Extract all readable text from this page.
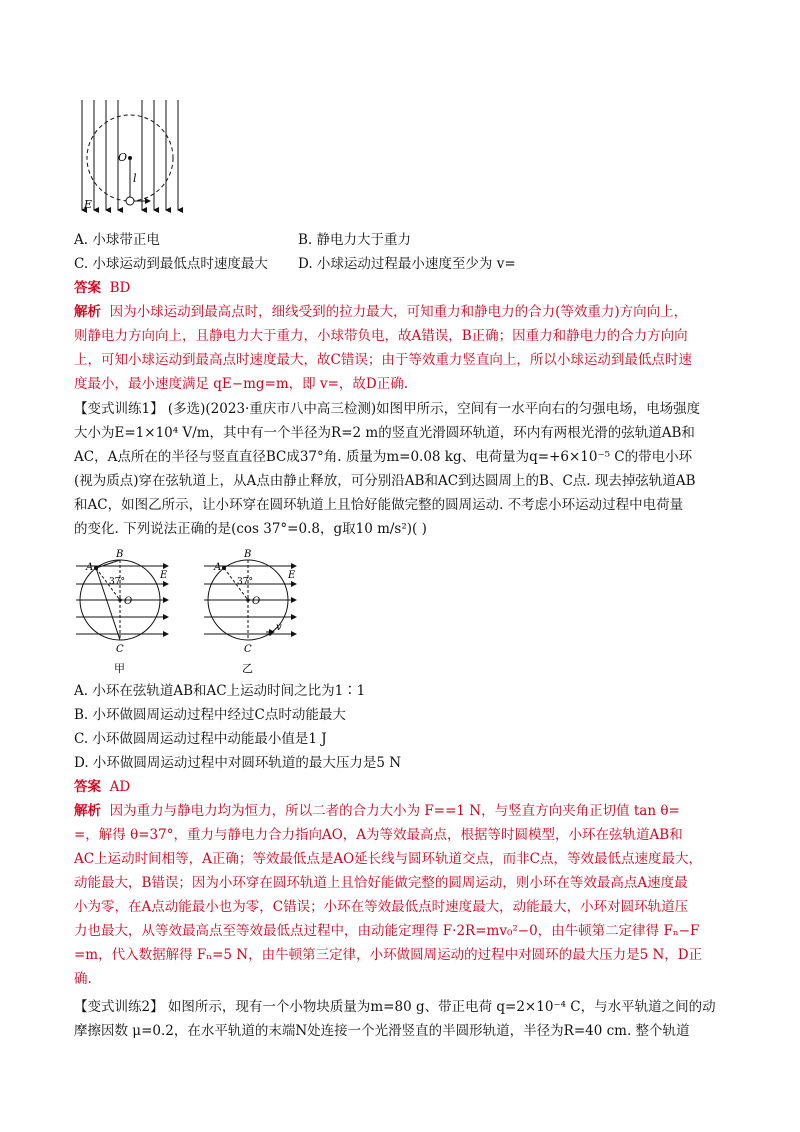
O
l
E
A. 小球带正电	B. 静电力大于重力
C. 小球运动到最低点时速度最大 D. 小球运动过程最小速度至少为 v=
答案 BD
解析 因为小球运动到最高点时，细线受到的拉力最大，可知重力和静电力的合力(等效重力)方向向上，
则静电力方向向上，且静电力大于重力，小球带负电，故A错误，B正确；因重力和静电力的合力方向向
上，可知小球运动到最高点时速度最大，故C错误；由于等效重力竖直向上，所以小球运动到最低点时速
度最小，最小速度满足 qE−mg=m，即 v=，故D正确.
【变式训练1】 (多选)(2023·重庆市八中高三检测)如图甲所示，空间有一水平向右的匀强电场，电场强度
大小为E=1×10⁴ V/m，其中有一个半径为R=2 m的竖直光滑圆环轨道，环内有两根光滑的弦轨道AB和
AC，A点所在的半径与竖直直径BC成37°角. 质量为m=0.08 kg、电荷量为q=+6×10⁻⁵ C的带电小环
(视为质点)穿在弦轨道上，从A点由静止释放，可分别沿AB和AC到达圆周上的B、C点. 现去掉弦轨道AB
和AC，如图乙所示，让小环穿在圆环轨道上且恰好能做完整的圆周运动. 不考虑小环运动过程中电荷量
的变化. 下列说法正确的是(cos 37°=0.8，g取10 m/s²)( )
B
A
37°
O
C
E
甲
B
A
37°
O
v
C
E
乙
A. 小环在弦轨道AB和AC上运动时间之比为1∶1
B. 小环做圆周运动过程中经过C点时动能最大
C. 小环做圆周运动过程中动能最小值是1 J
D. 小环做圆周运动过程中对圆环轨道的最大压力是5 N
答案 AD
解析 因为重力与静电力均为恒力，所以二者的合力大小为 F==1 N，与竖直方向夹角正切值 tan θ=
=，解得 θ=37°，重力与静电力合力指向AO，A为等效最高点，根据等时圆模型，小环在弦轨道AB和
AC上运动时间相等，A正确；等效最低点是AO延长线与圆环轨道交点，而非C点，等效最低点速度最大，
动能最大，B错误；因为小环穿在圆环轨道上且恰好能做完整的圆周运动，则小环在等效最高点A速度最
小为零，在A点动能最小也为零，C错误；小环在等效最低点时速度最大，动能最大，小环对圆环轨道压
力也最大，从等效最高点至等效最低点过程中，由动能定理得 F·2R=mv₀²−0，由牛顿第二定律得 Fₙ−F
=m，代入数据解得 Fₙ=5 N，由牛顿第三定律，小环做圆周运动的过程中对圆环的最大压力是5 N，D正
确.
【变式训练2】 如图所示，现有一个小物块质量为m=80 g、带正电荷 q=2×10⁻⁴ C，与水平轨道之间的动
摩擦因数 μ=0.2，在水平轨道的末端N处连接一个光滑竖直的半圆形轨道，半径为R=40 cm. 整个轨道
